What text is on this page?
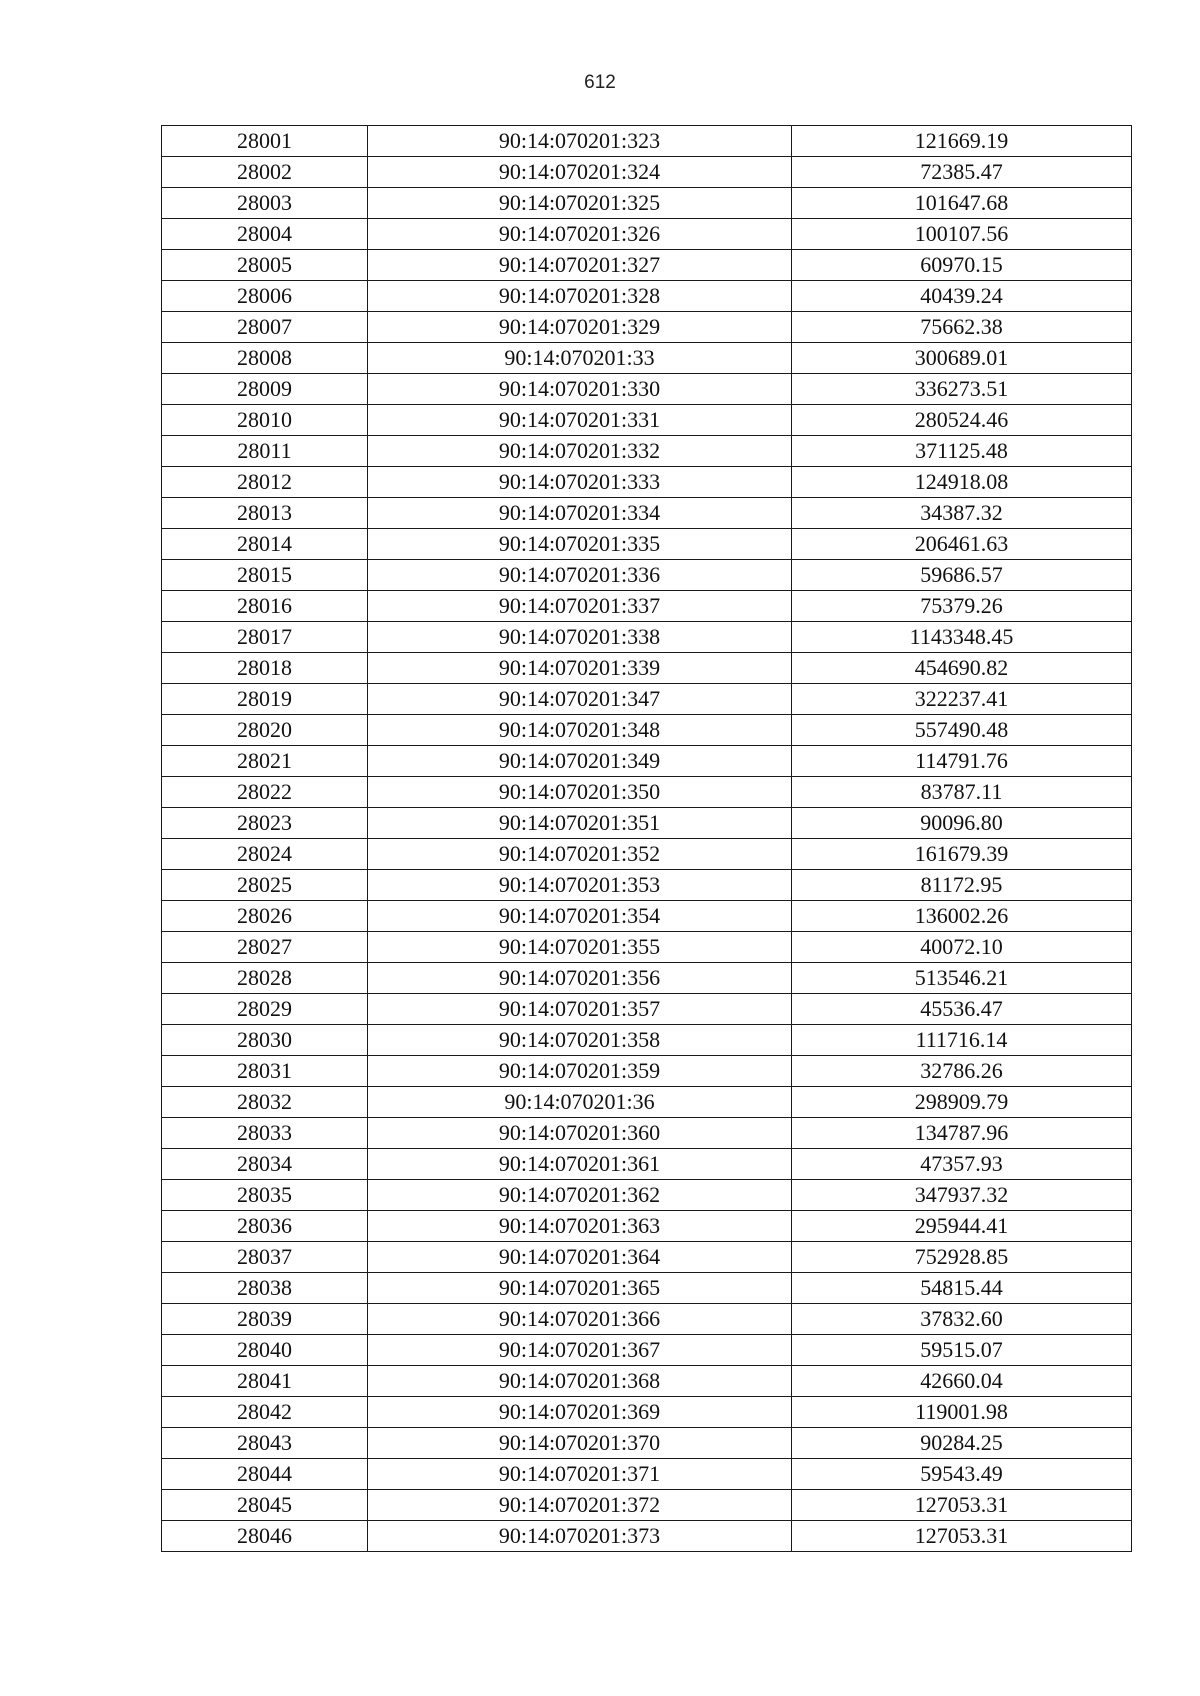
612
28001	90:14:070201:323	121669.19
28002	90:14:070201:324	72385.47
28003	90:14:070201:325	101647.68
28004	90:14:070201:326	100107.56
28005	90:14:070201:327	60970.15
28006	90:14:070201:328	40439.24
28007	90:14:070201:329	75662.38
28008	90:14:070201:33	300689.01
28009	90:14:070201:330	336273.51
28010	90:14:070201:331	280524.46
28011	90:14:070201:332	371125.48
28012	90:14:070201:333	124918.08
28013	90:14:070201:334	34387.32
28014	90:14:070201:335	206461.63
28015	90:14:070201:336	59686.57
28016	90:14:070201:337	75379.26
28017	90:14:070201:338	1143348.45
28018	90:14:070201:339	454690.82
28019	90:14:070201:347	322237.41
28020	90:14:070201:348	557490.48
28021	90:14:070201:349	114791.76
28022	90:14:070201:350	83787.11
28023	90:14:070201:351	90096.80
28024	90:14:070201:352	161679.39
28025	90:14:070201:353	81172.95
28026	90:14:070201:354	136002.26
28027	90:14:070201:355	40072.10
28028	90:14:070201:356	513546.21
28029	90:14:070201:357	45536.47
28030	90:14:070201:358	111716.14
28031	90:14:070201:359	32786.26
28032	90:14:070201:36	298909.79
28033	90:14:070201:360	134787.96
28034	90:14:070201:361	47357.93
28035	90:14:070201:362	347937.32
28036	90:14:070201:363	295944.41
28037	90:14:070201:364	752928.85
28038	90:14:070201:365	54815.44
28039	90:14:070201:366	37832.60
28040	90:14:070201:367	59515.07
28041	90:14:070201:368	42660.04
28042	90:14:070201:369	119001.98
28043	90:14:070201:370	90284.25
28044	90:14:070201:371	59543.49
28045	90:14:070201:372	127053.31
28046	90:14:070201:373	127053.31
